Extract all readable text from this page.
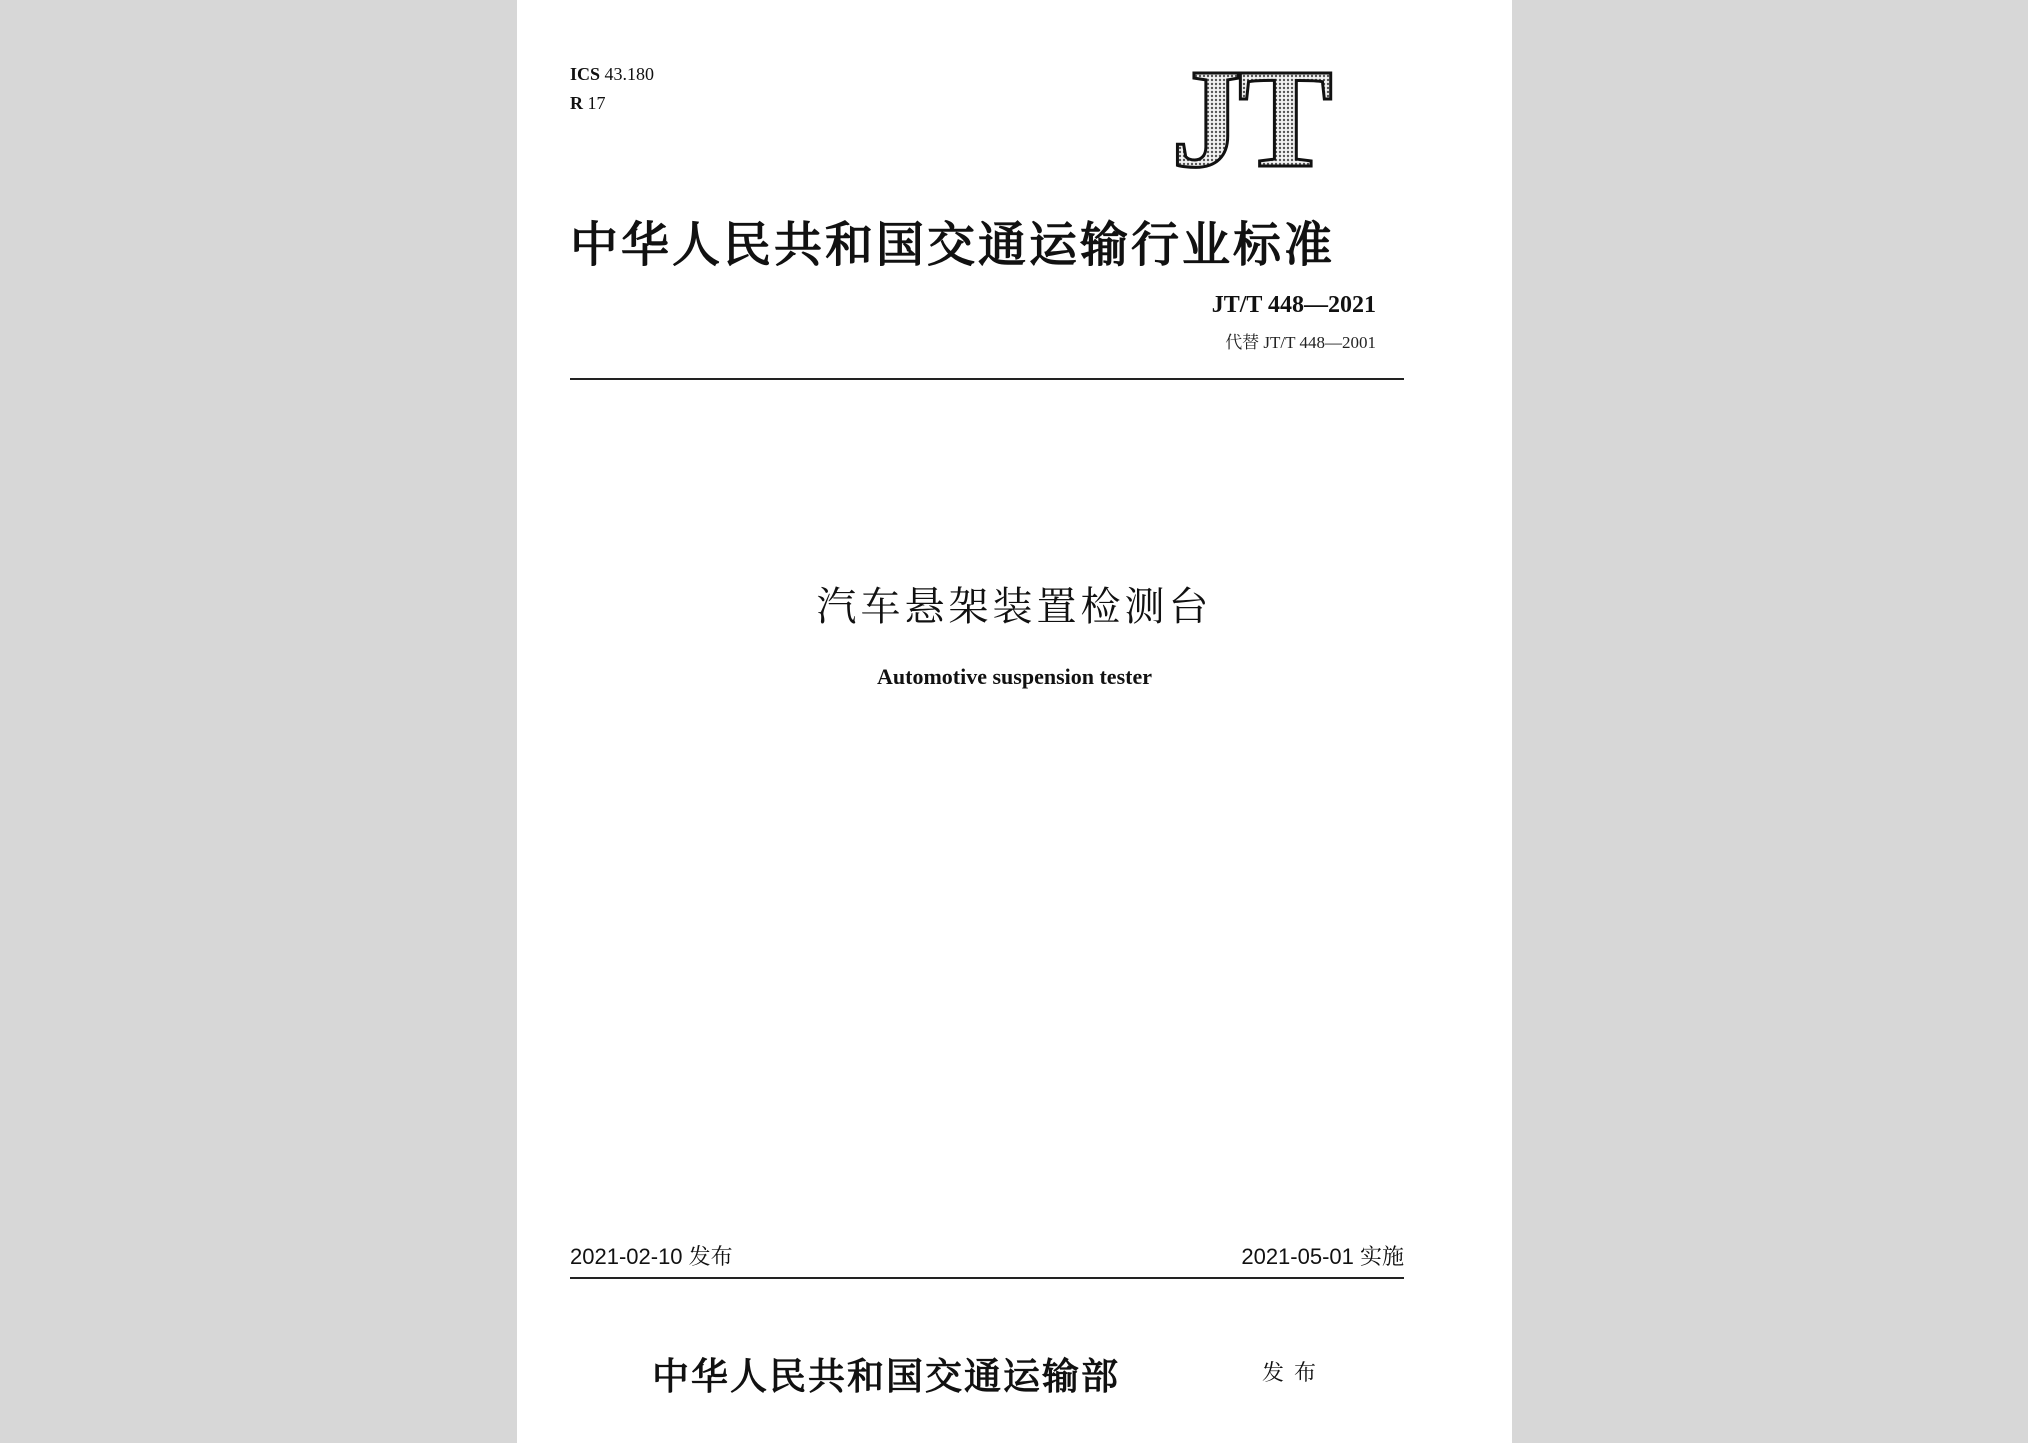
ICS 43.180
R 17	JT
中华人民共和国交通运输行业标准
JT/T 448—2021
代替 JT/T 448—2001
汽车悬架装置检测台
Automotive suspension tester
2021-02-10 发布	2021-05-01 实施
中华人民共和国交通运输部	发布
